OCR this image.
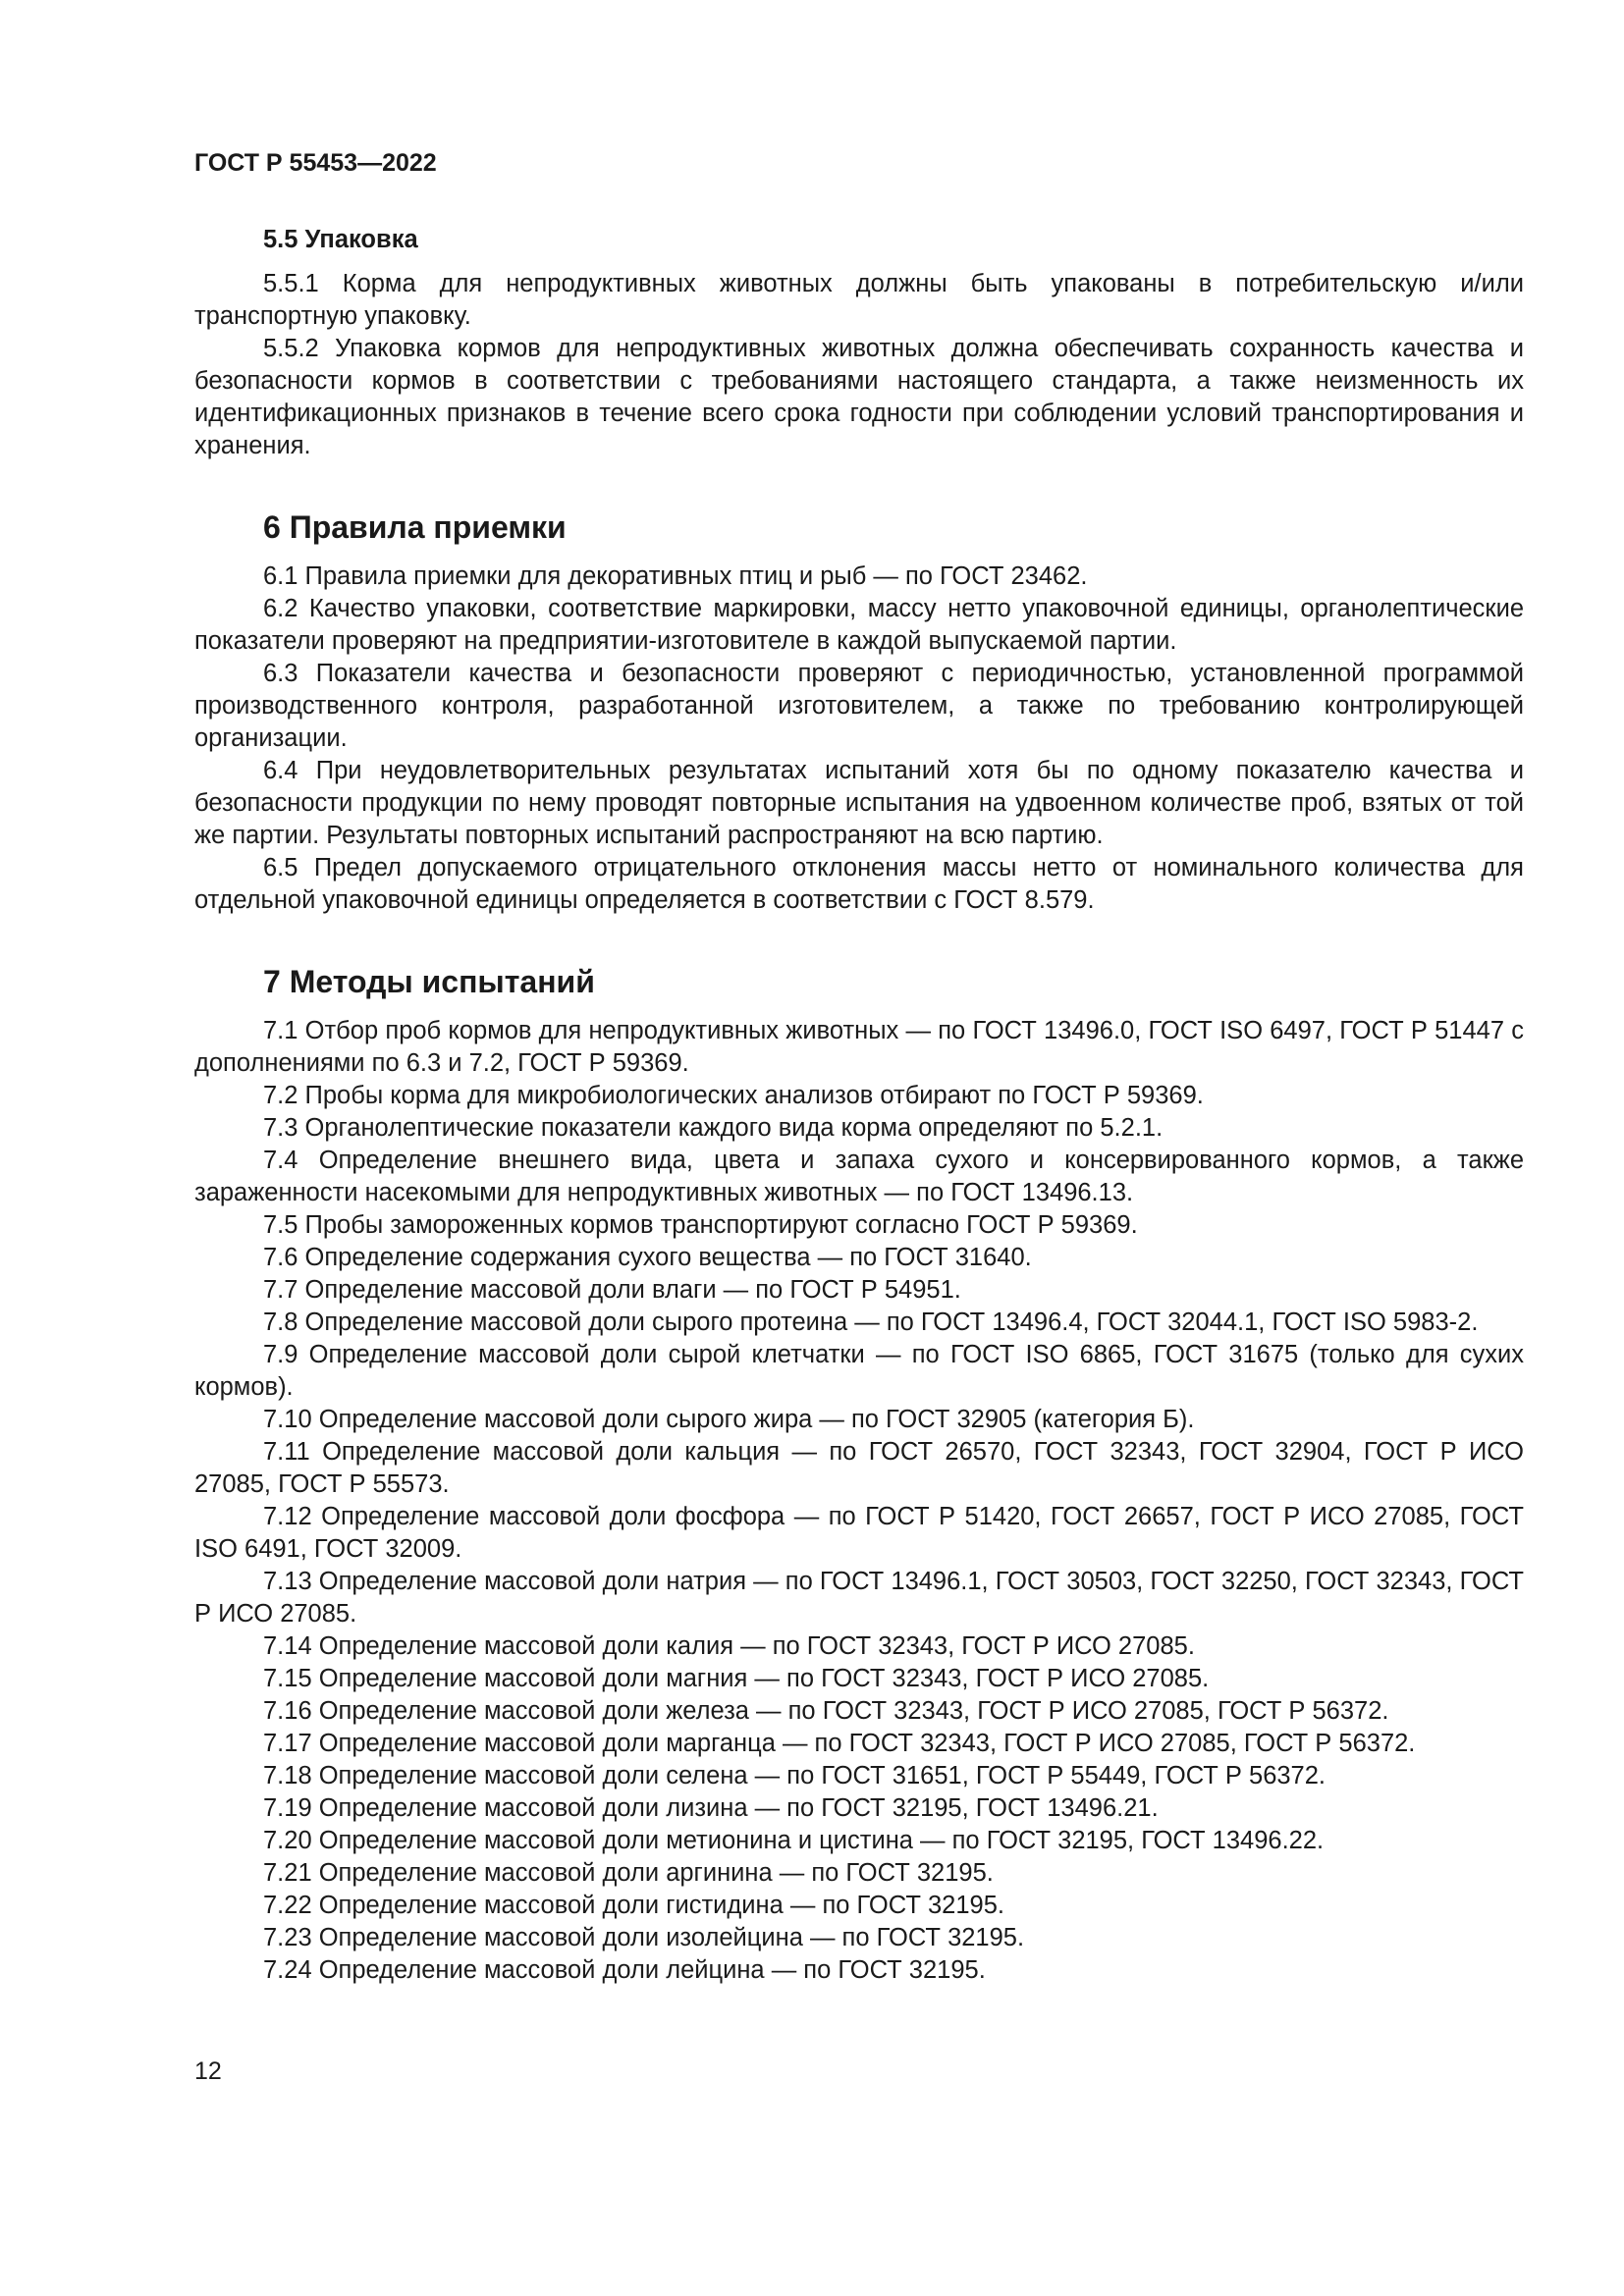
ГОСТ Р 55453—2022
5.5 Упаковка

5.5.1 Корма для непродуктивных животных должны быть упакованы в потребительскую и/или транспортную упаковку.

5.5.2 Упаковка кормов для непродуктивных животных должна обеспечивать сохранность качества и безопасности кормов в соответствии с требованиями настоящего стандарта, а также неизменность их идентификационных признаков в течение всего срока годности при соблюдении условий транспортирования и хранения.

6 Правила приемки

6.1 Правила приемки для декоративных птиц и рыб — по ГОСТ 23462.

6.2 Качество упаковки, соответствие маркировки, массу нетто упаковочной единицы, органолептические показатели проверяют на предприятии-изготовителе в каждой выпускаемой партии.

6.3 Показатели качества и безопасности проверяют с периодичностью, установленной программой производственного контроля, разработанной изготовителем, а также по требованию контролирующей организации.

6.4 При неудовлетворительных результатах испытаний хотя бы по одному показателю качества и безопасности продукции по нему проводят повторные испытания на удвоенном количестве проб, взятых от той же партии. Результаты повторных испытаний распространяют на всю партию.

6.5 Предел допускаемого отрицательного отклонения массы нетто от номинального количества для отдельной упаковочной единицы определяется в соответствии с ГОСТ 8.579.

7 Методы испытаний

7.1 Отбор проб кормов для непродуктивных животных — по ГОСТ 13496.0, ГОСТ ISO 6497, ГОСТ Р 51447 с дополнениями по 6.3 и 7.2, ГОСТ Р 59369.

7.2 Пробы корма для микробиологических анализов отбирают по ГОСТ Р 59369.

7.3 Органолептические показатели каждого вида корма определяют по 5.2.1.

7.4 Определение внешнего вида, цвета и запаха сухого и консервированного кормов, а также зараженности насекомыми для непродуктивных животных — по ГОСТ 13496.13.

7.5 Пробы замороженных кормов транспортируют согласно ГОСТ Р 59369.

7.6 Определение содержания сухого вещества — по ГОСТ 31640.

7.7 Определение массовой доли влаги — по ГОСТ Р 54951.

7.8 Определение массовой доли сырого протеина — по ГОСТ 13496.4, ГОСТ 32044.1, ГОСТ ISO 5983-2.

7.9 Определение массовой доли сырой клетчатки — по ГОСТ ISO 6865, ГОСТ 31675 (только для сухих кормов).

7.10 Определение массовой доли сырого жира — по ГОСТ 32905 (категория Б).

7.11 Определение массовой доли кальция — по ГОСТ 26570, ГОСТ 32343, ГОСТ 32904, ГОСТ Р ИСО 27085, ГОСТ Р 55573.

7.12 Определение массовой доли фосфора — по ГОСТ Р 51420, ГОСТ 26657, ГОСТ Р ИСО 27085, ГОСТ ISO 6491, ГОСТ 32009.

7.13 Определение массовой доли натрия — по ГОСТ 13496.1, ГОСТ 30503, ГОСТ 32250, ГОСТ 32343, ГОСТ Р ИСО 27085.

7.14 Определение массовой доли калия — по ГОСТ 32343, ГОСТ Р ИСО 27085.

7.15 Определение массовой доли магния — по ГОСТ 32343, ГОСТ Р ИСО 27085.

7.16 Определение массовой доли железа — по ГОСТ 32343, ГОСТ Р ИСО 27085, ГОСТ Р 56372.

7.17 Определение массовой доли марганца — по ГОСТ 32343, ГОСТ Р ИСО 27085, ГОСТ Р 56372.

7.18 Определение массовой доли селена — по ГОСТ 31651, ГОСТ Р 55449, ГОСТ Р 56372.

7.19 Определение массовой доли лизина — по ГОСТ 32195, ГОСТ 13496.21.

7.20 Определение массовой доли метионина и цистина — по ГОСТ 32195, ГОСТ 13496.22.

7.21 Определение массовой доли аргинина — по ГОСТ 32195.

7.22 Определение массовой доли гистидина — по ГОСТ 32195.

7.23 Определение массовой доли изолейцина — по ГОСТ 32195.

7.24 Определение массовой доли лейцина — по ГОСТ 32195.

12
